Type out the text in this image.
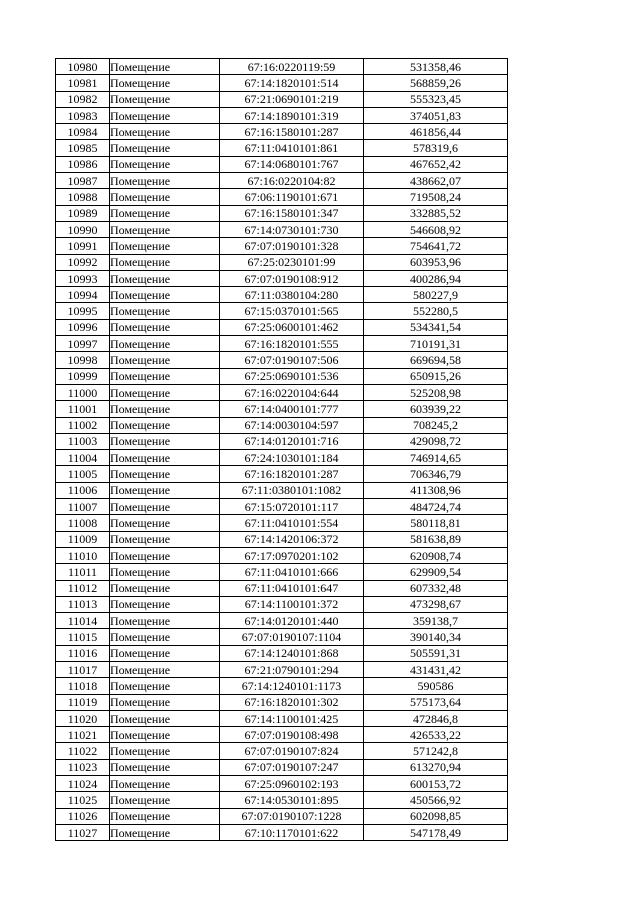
10980	Помещение	67:16:0220119:59	531358,46
10981	Помещение	67:14:1820101:514	568859,26
10982	Помещение	67:21:0690101:219	555323,45
10983	Помещение	67:14:1890101:319	374051,83
10984	Помещение	67:16:1580101:287	461856,44
10985	Помещение	67:11:0410101:861	578319,6
10986	Помещение	67:14:0680101:767	467652,42
10987	Помещение	67:16:0220104:82	438662,07
10988	Помещение	67:06:1190101:671	719508,24
10989	Помещение	67:16:1580101:347	332885,52
10990	Помещение	67:14:0730101:730	546608,92
10991	Помещение	67:07:0190101:328	754641,72
10992	Помещение	67:25:0230101:99	603953,96
10993	Помещение	67:07:0190108:912	400286,94
10994	Помещение	67:11:0380104:280	580227,9
10995	Помещение	67:15:0370101:565	552280,5
10996	Помещение	67:25:0600101:462	534341,54
10997	Помещение	67:16:1820101:555	710191,31
10998	Помещение	67:07:0190107:506	669694,58
10999	Помещение	67:25:0690101:536	650915,26
11000	Помещение	67:16:0220104:644	525208,98
11001	Помещение	67:14:0400101:777	603939,22
11002	Помещение	67:14:0030104:597	708245,2
11003	Помещение	67:14:0120101:716	429098,72
11004	Помещение	67:24:1030101:184	746914,65
11005	Помещение	67:16:1820101:287	706346,79
11006	Помещение	67:11:0380101:1082	411308,96
11007	Помещение	67:15:0720101:117	484724,74
11008	Помещение	67:11:0410101:554	580118,81
11009	Помещение	67:14:1420106:372	581638,89
11010	Помещение	67:17:0970201:102	620908,74
11011	Помещение	67:11:0410101:666	629909,54
11012	Помещение	67:11:0410101:647	607332,48
11013	Помещение	67:14:1100101:372	473298,67
11014	Помещение	67:14:0120101:440	359138,7
11015	Помещение	67:07:0190107:1104	390140,34
11016	Помещение	67:14:1240101:868	505591,31
11017	Помещение	67:21:0790101:294	431431,42
11018	Помещение	67:14:1240101:1173	590586
11019	Помещение	67:16:1820101:302	575173,64
11020	Помещение	67:14:1100101:425	472846,8
11021	Помещение	67:07:0190108:498	426533,22
11022	Помещение	67:07:0190107:824	571242,8
11023	Помещение	67:07:0190107:247	613270,94
11024	Помещение	67:25:0960102:193	600153,72
11025	Помещение	67:14:0530101:895	450566,92
11026	Помещение	67:07:0190107:1228	602098,85
11027	Помещение	67:10:1170101:622	547178,49
